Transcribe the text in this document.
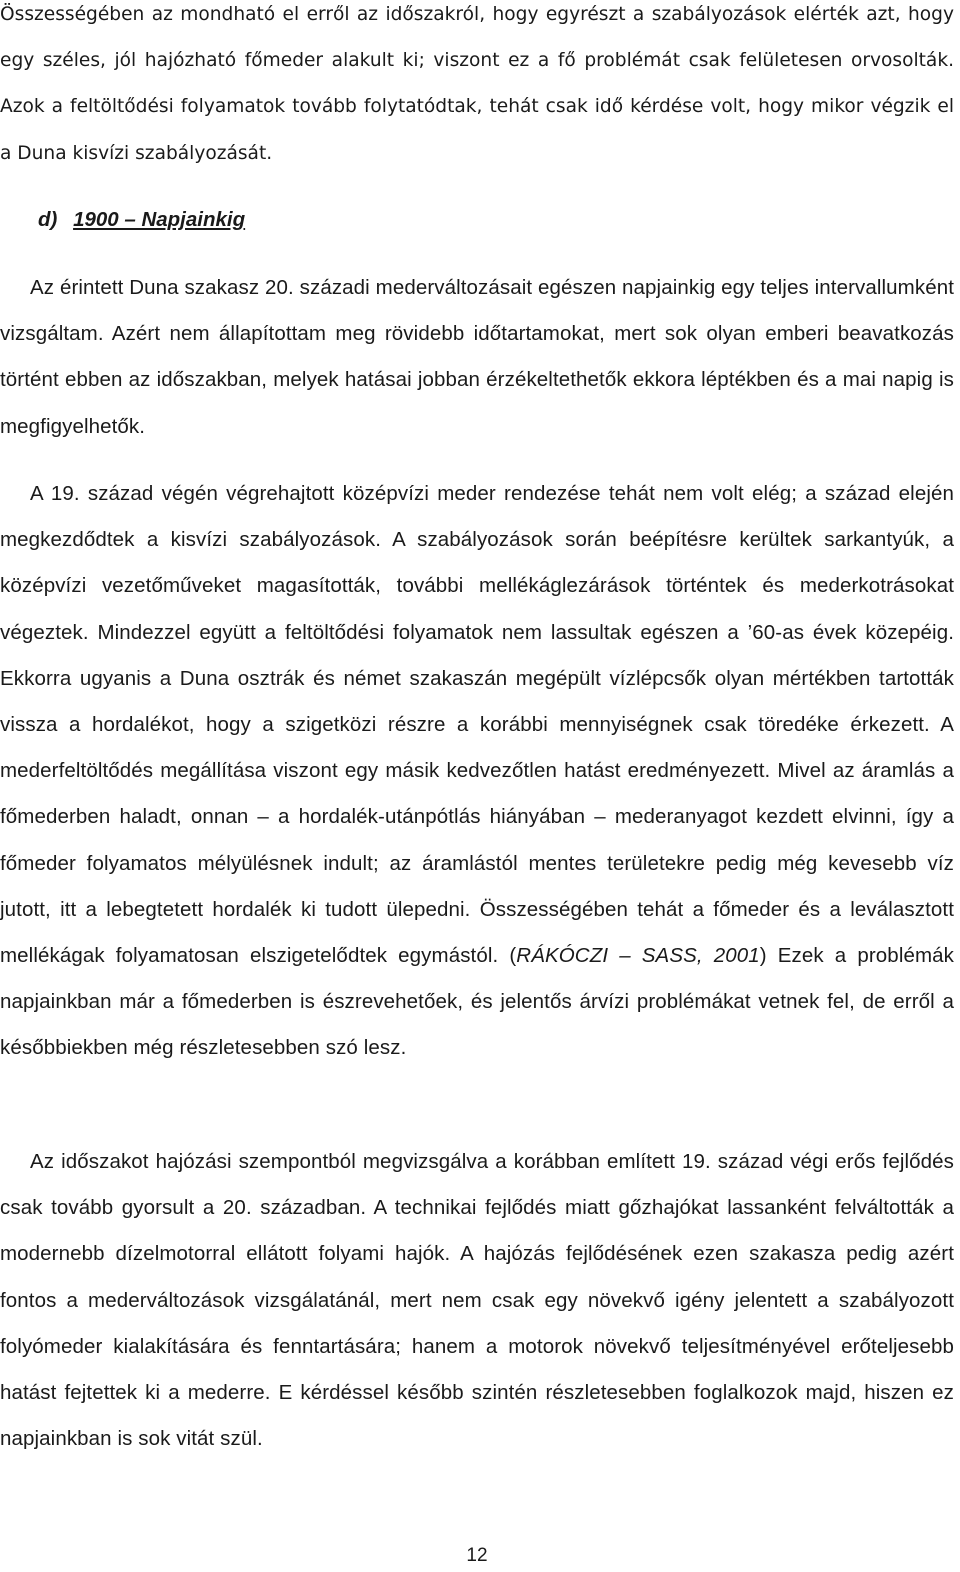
Összességében az mondható el erről az időszakról, hogy egyrészt a szabályozások elérték azt, hogy egy széles, jól hajózható főmeder alakult ki; viszont ez a fő problémát csak felületesen orvosolták. Azok a feltöltődési folyamatok tovább folytatódtak, tehát csak idő kérdése volt, hogy mikor végzik el a Duna kisvízi szabályozását.

d) 1900 – Napjainkig

Az érintett Duna szakasz 20. századi mederváltozásait egészen napjainkig egy teljes intervallumként vizsgáltam. Azért nem állapítottam meg rövidebb időtartamokat, mert sok olyan emberi beavatkozás történt ebben az időszakban, melyek hatásai jobban érzékeltethetők ekkora léptékben és a mai napig is megfigyelhetők.

A 19. század végén végrehajtott középvízi meder rendezése tehát nem volt elég; a század elején megkezdődtek a kisvízi szabályozások. A szabályozások során beépítésre kerültek sarkantyúk, a középvízi vezetőműveket magasították, további mellékáglezárások történtek és mederkotrásokat végeztek. Mindezzel együtt a feltöltődési folyamatok nem lassultak egészen a ’60-as évek közepéig. Ekkorra ugyanis a Duna osztrák és német szakaszán megépült vízlépcsők olyan mértékben tartották vissza a hordalékot, hogy a szigetközi részre a korábbi mennyiségnek csak töredéke érkezett. A mederfeltöltődés megállítása viszont egy másik kedvezőtlen hatást eredményezett. Mivel az áramlás a főmederben haladt, onnan – a hordalék-utánpótlás hiányában – mederanyagot kezdett elvinni, így a főmeder folyamatos mélyülésnek indult; az áramlástól mentes területekre pedig még kevesebb víz jutott, itt a lebegtetett hordalék ki tudott ülepedni. Összességében tehát a főmeder és a leválasztott mellékágak folyamatosan elszigetelődtek egymástól. (RÁKÓCZI – SASS, 2001) Ezek a problémák napjainkban már a főmederben is észrevehetőek, és jelentős árvízi problémákat vetnek fel, de erről a későbbiekben még részletesebben szó lesz.

Az időszakot hajózási szempontból megvizsgálva a korábban említett 19. század végi erős fejlődés csak tovább gyorsult a 20. században. A technikai fejlődés miatt gőzhajókat lassanként felváltották a modernebb dízelmotorral ellátott folyami hajók. A hajózás fejlődésének ezen szakasza pedig azért fontos a mederváltozások vizsgálatánál, mert nem csak egy növekvő igény jelentett a szabályozott folyómeder kialakítására és fenntartására; hanem a motorok növekvő teljesítményével erőteljesebb hatást fejtettek ki a mederre. E kérdéssel később szintén részletesebben foglalkozok majd, hiszen ez napjainkban is sok vitát szül.

12
